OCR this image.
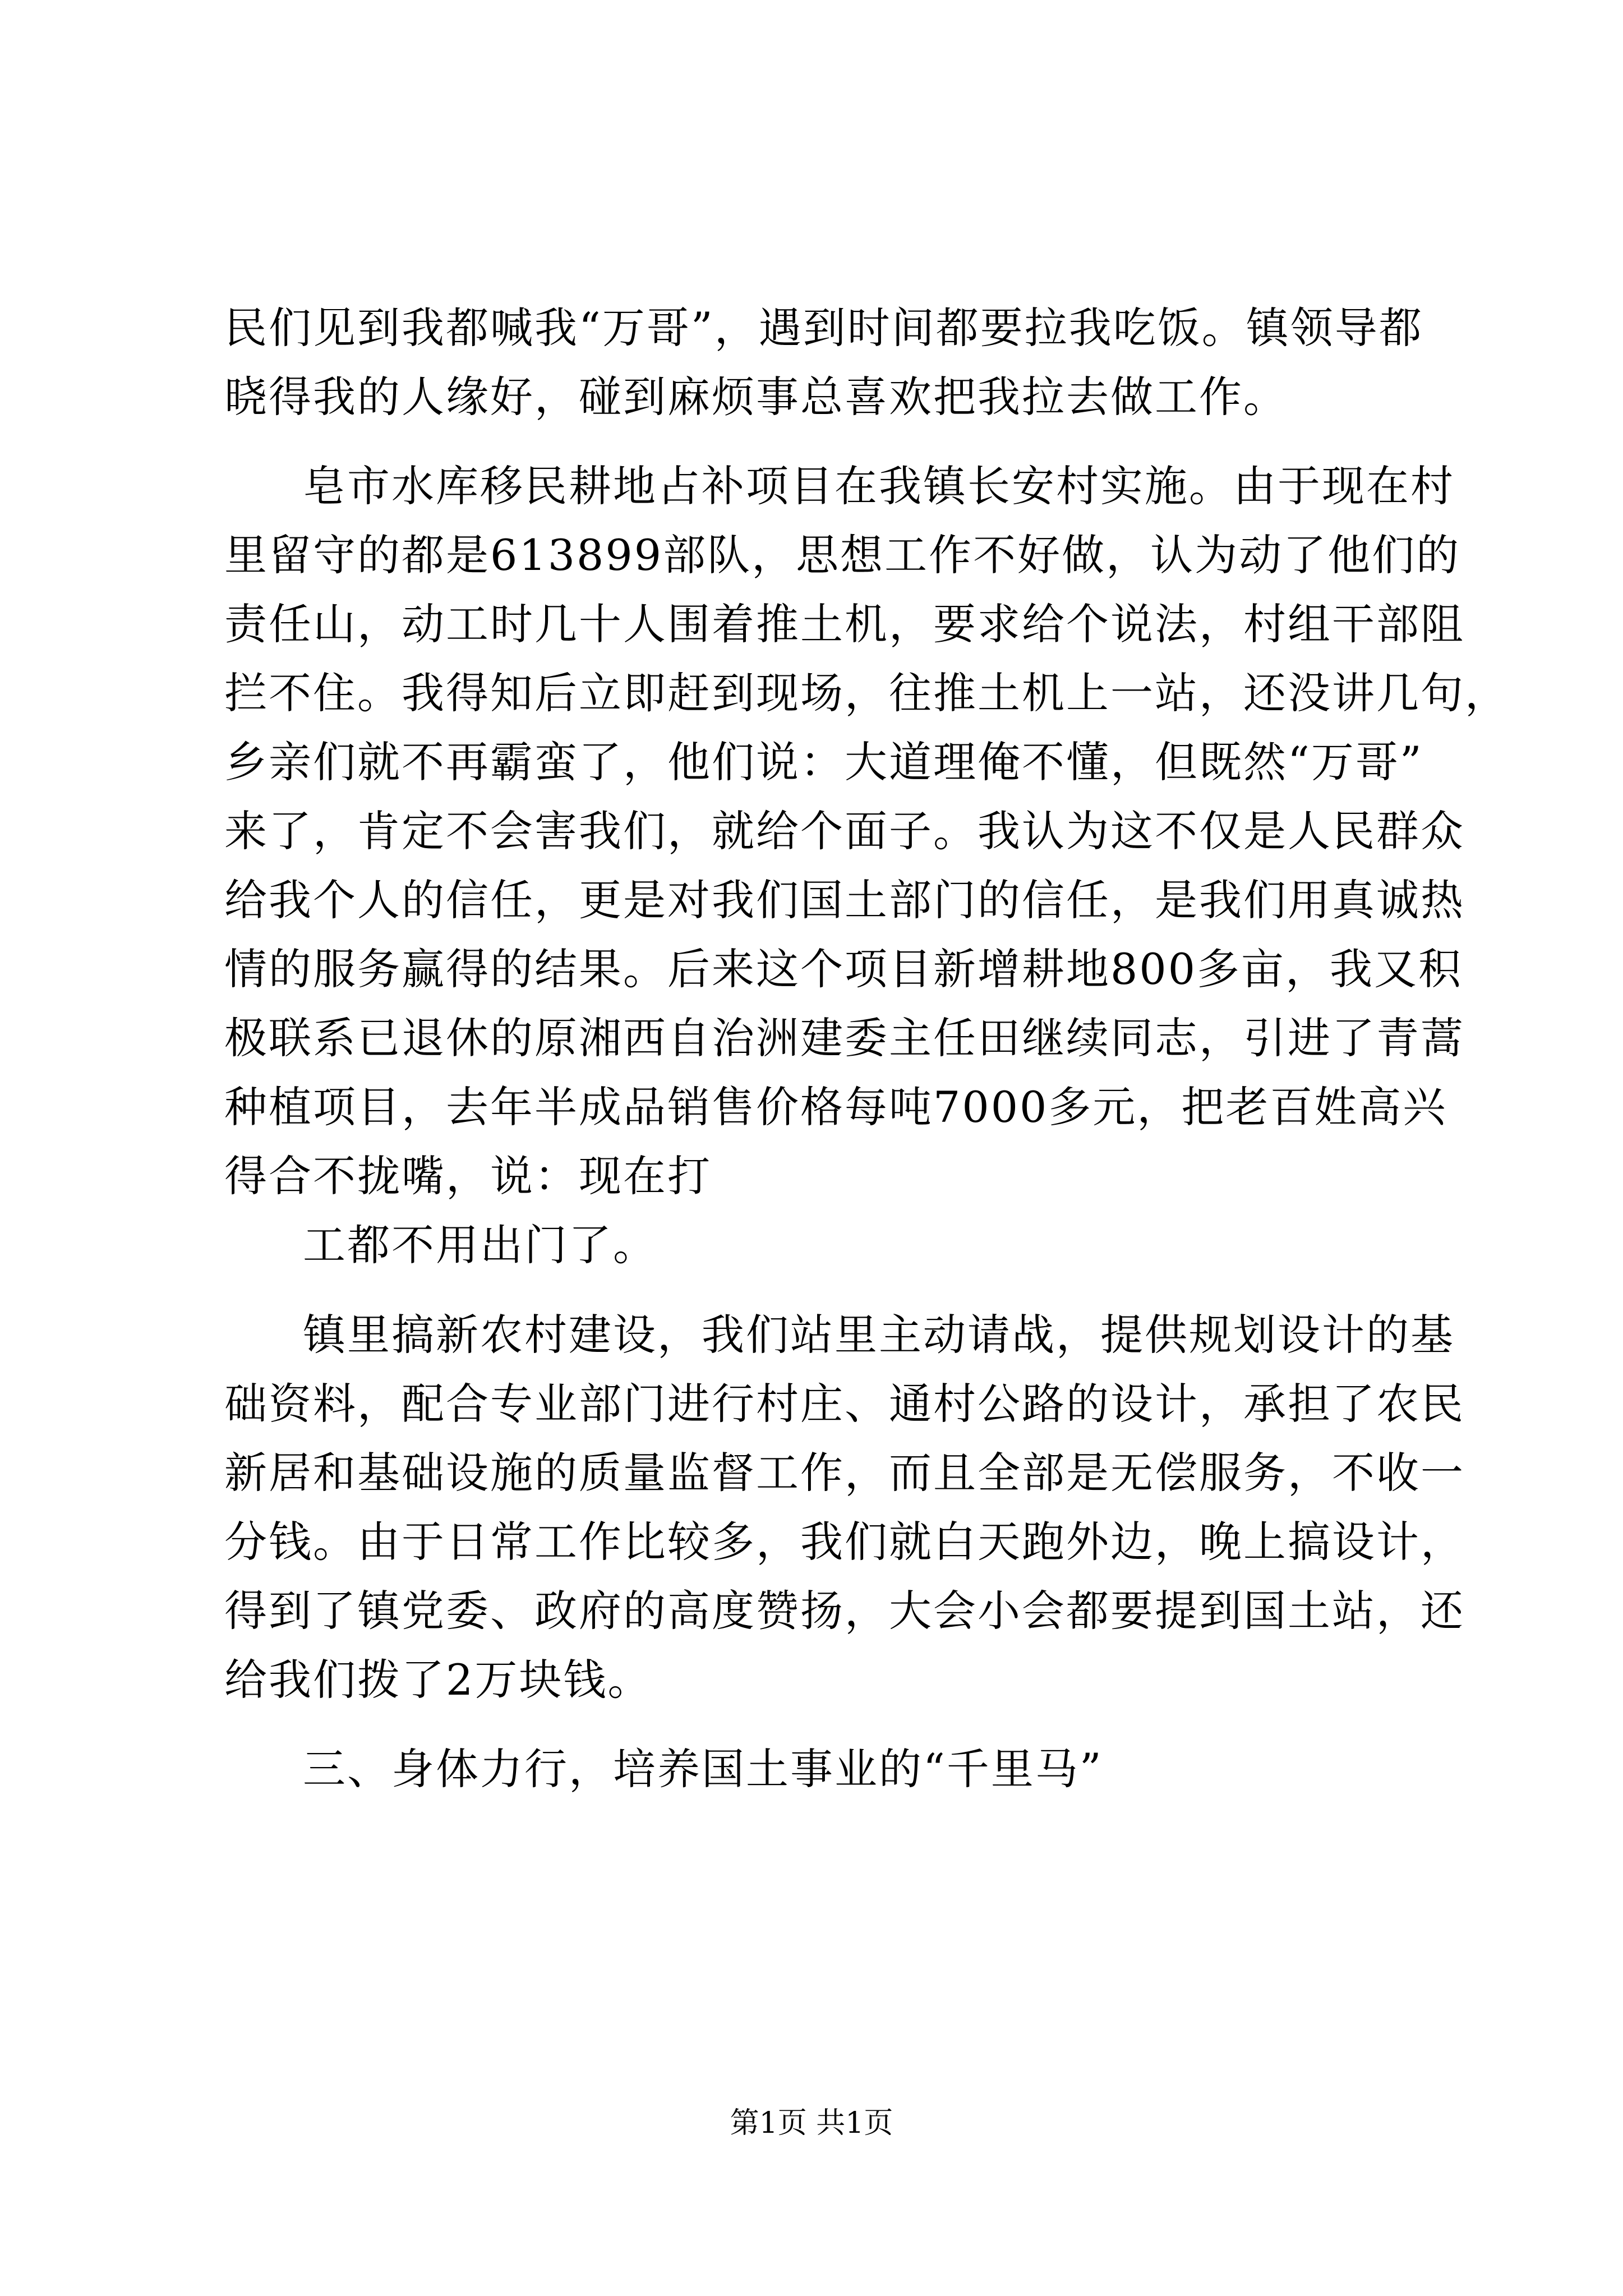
民们见到我都喊我“万哥”，遇到时间都要拉我吃饭。镇领导都
晓得我的人缘好，碰到麻烦事总喜欢把我拉去做工作。
皂市水库移民耕地占补项目在我镇长安村实施。由于现在村
里留守的都是613899部队，思想工作不好做，认为动了他们的
责任山，动工时几十人围着推土机，要求给个说法，村组干部阻
拦不住。我得知后立即赶到现场，往推土机上一站，还没讲几句，
乡亲们就不再霸蛮了，他们说：大道理俺不懂，但既然“万哥”
来了，肯定不会害我们，就给个面子。我认为这不仅是人民群众
给我个人的信任，更是对我们国土部门的信任，是我们用真诚热
情的服务赢得的结果。后来这个项目新增耕地800多亩，我又积
极联系已退休的原湘西自治洲建委主任田继续同志，引进了青蒿
种植项目，去年半成品销售价格每吨7000多元，把老百姓高兴
得合不拢嘴，说：现在打
工都不用出门了。
镇里搞新农村建设，我们站里主动请战，提供规划设计的基
础资料，配合专业部门进行村庄、通村公路的设计，承担了农民
新居和基础设施的质量监督工作，而且全部是无偿服务，不收一
分钱。由于日常工作比较多，我们就白天跑外边，晚上搞设计，
得到了镇党委、政府的高度赞扬，大会小会都要提到国土站，还
给我们拨了2万块钱。
三、身体力行，培养国土事业的“千里马”
第1页 共1页
